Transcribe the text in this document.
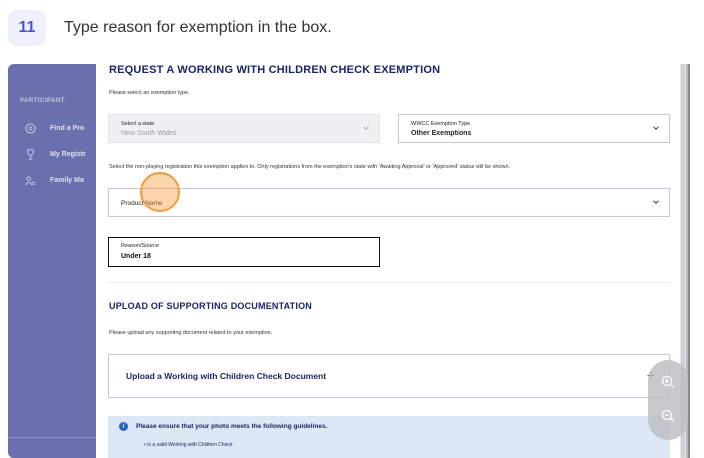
11	Type reason for exemption in the box.
PARTICIPANT
Find a Pro
My Registr
Family Ma
REQUEST A WORKING WITH CHILDREN CHECK EXEMPTION
Please select an exemption type.
Select a state
New South Wales
WWCC Exemption Type
Other Exemptions
Select the non-playing registration this exemption applies to. Only registrations from the exemption's state with 'Awaiting Approval' or 'Approved' status will be shown.
Product Name
Reason/Source
Under 18
UPLOAD OF SUPPORTING DOCUMENTATION
Please upload any supporting document related to your exemption.
Upload a Working with Children Check Document
i	Please ensure that your photo meets the following guidelines.
• Is a valid Working with Children Check
